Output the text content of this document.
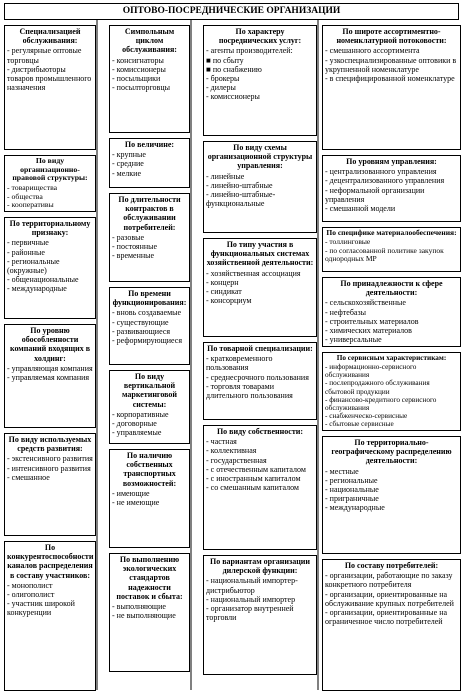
ОПТОВО-ПОСРЕДНИЧЕСКИЕ ОРГАНИЗАЦИИ
Специализацией обслуживания:
- регулярные оптовые торговцы
- дистрибьюторы товаров промышленного назначения
По виду организационно-правовой структуры:
- товарищества
- общества
- кооперативы
По территориальному признаку:
- первичные
- районные
- региональные (окружные)
- общенациональные
- международные
По уровню обособленности компаний входящих в холдинг:
- управляющая компания
- управляемая компания
По виду используемых средств развития:
- экстенсивного развития
- интенсивного развития
- смешанное
По конкурентоспособности каналов распределения в составу участников:
- монополист
- олигополист
- участник широкой конкуренции
Симпольным циклом обслуживания:
- консигнаторы
- комиссионеры
- посыльщики
- посылторговцы
По величине:
- крупные
- средние
- мелкие
По длительности контрактов в обслуживании потребителей:
- разовые
- постоянные
- временные
По времени функционирования:
- вновь создаваемые
- существующие
- развивающиеся
- реформирующиеся
По виду вертикальной маркетинговой системы:
- корпоративные
- договорные
- управляемые
По наличию собственных транспортных возможностей:
- имеющие
- не имеющие
По выполнению экологических стандартов надежности поставок и сбыта:
- выполняющие
- не выполняющие
По характеру посреднических услуг:
- агенты производителей:
■ по сбыту
■ по снабжению
- брокеры
- дилеры
- комиссионеры
По виду схемы организационной структуры управления:
- линейные
- линейно-штабные
- линейно-штабные-функциональные
По типу участия в функциональных системах хозяйственной деятельности:
- хозяйственная ассоциация
- концерн
- синдикат
- консорциум
По товарной специализации:
- кратковременного пользования
- среднесрочного пользования
- торговля товарами длительного пользования
По виду собственности:
- частная
- коллективная
- государственная
- с отечественным капиталом
- с иностранным капиталом
- со смешанным капиталом
По вариантам организации дилерской функции:
- национальный импортер-дистрибьютор
- национальный импортер
- организатор внутренней торговли
По широте ассортиментно-номенклатурной потоковости:
- смешанного ассортимента
- узкоспециализированные оптовики в укрупненной номенклатуре
- в специфицированной номенклатуре
По уровням управления:
- централизованного управления
- децентрализованного управления
- неформальной организации управления
- смешанной модели
По специфике материалообеспечения:
- толлинговые
- по согласованной политике закупок однородных МР
По принадлежности к сфере деятельности:
- сельскохозяйственные
- нефтебазы
- строительных материалов
- химических материалов
- универсальные
По сервисным характеристикам:
- информационно-сервисного обслуживания
- послепродажного обслуживания сбытовой продукции
- финансово-кредитного сервисного обслуживания
- снабженческо-сервисные
- сбытовые сервисные
По территориально-географическому распределению деятельности:
- местные
- региональные
- национальные
- приграничные
- международные
По составу потребителей:
- организации, работающие по заказу конкретного потребителя
- организации, ориентированные на обслуживание крупных потребителей
- организации, ориентированные на ограниченное число потребителей
